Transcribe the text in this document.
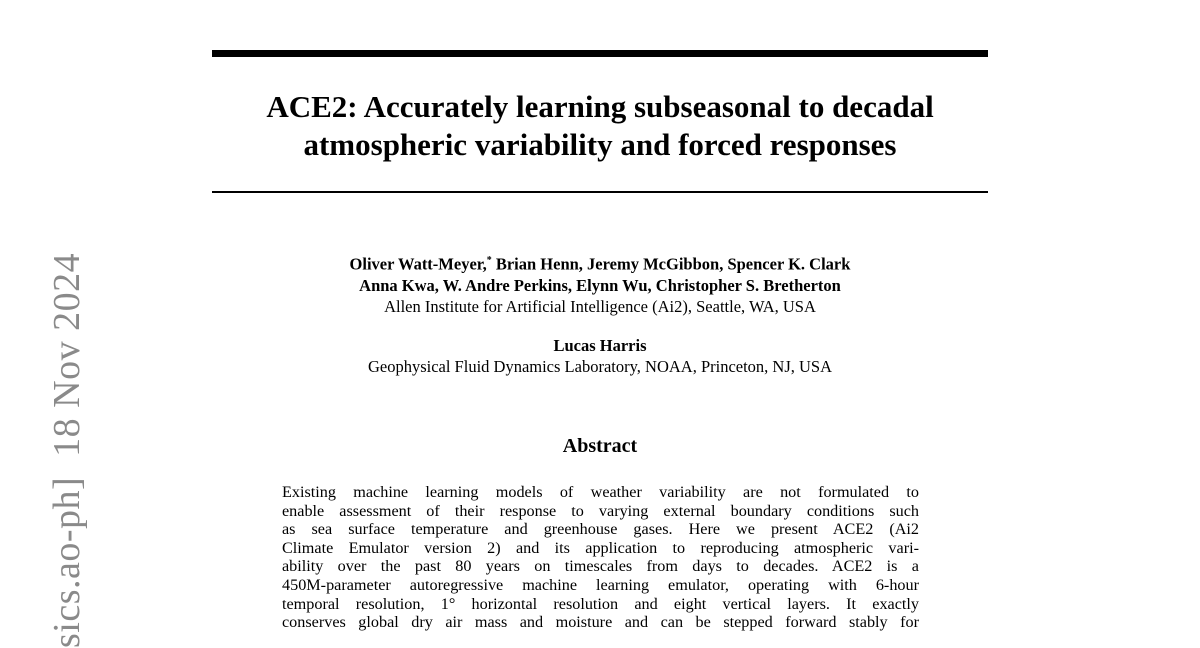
sics.ao-ph]18 Nov 2024
ACE2: Accurately learning subseasonal to decadal
atmospheric variability and forced responses
Oliver Watt-Meyer,* Brian Henn, Jeremy McGibbon, Spencer K. Clark
Anna Kwa, W. Andre Perkins, Elynn Wu, Christopher S. Bretherton
Allen Institute for Artificial Intelligence (Ai2), Seattle, WA, USA
Lucas Harris
Geophysical Fluid Dynamics Laboratory, NOAA, Princeton, NJ, USA
Abstract
Existing machine learning models of weather variability are not formulated to
enable assessment of their response to varying external boundary conditions such
as sea surface temperature and greenhouse gases. Here we present ACE2 (Ai2
Climate Emulator version 2) and its application to reproducing atmospheric vari-
ability over the past 80 years on timescales from days to decades. ACE2 is a
450M-parameter autoregressive machine learning emulator, operating with 6-hour
temporal resolution, 1° horizontal resolution and eight vertical layers. It exactly
conserves global dry air mass and moisture and can be stepped forward stably for
